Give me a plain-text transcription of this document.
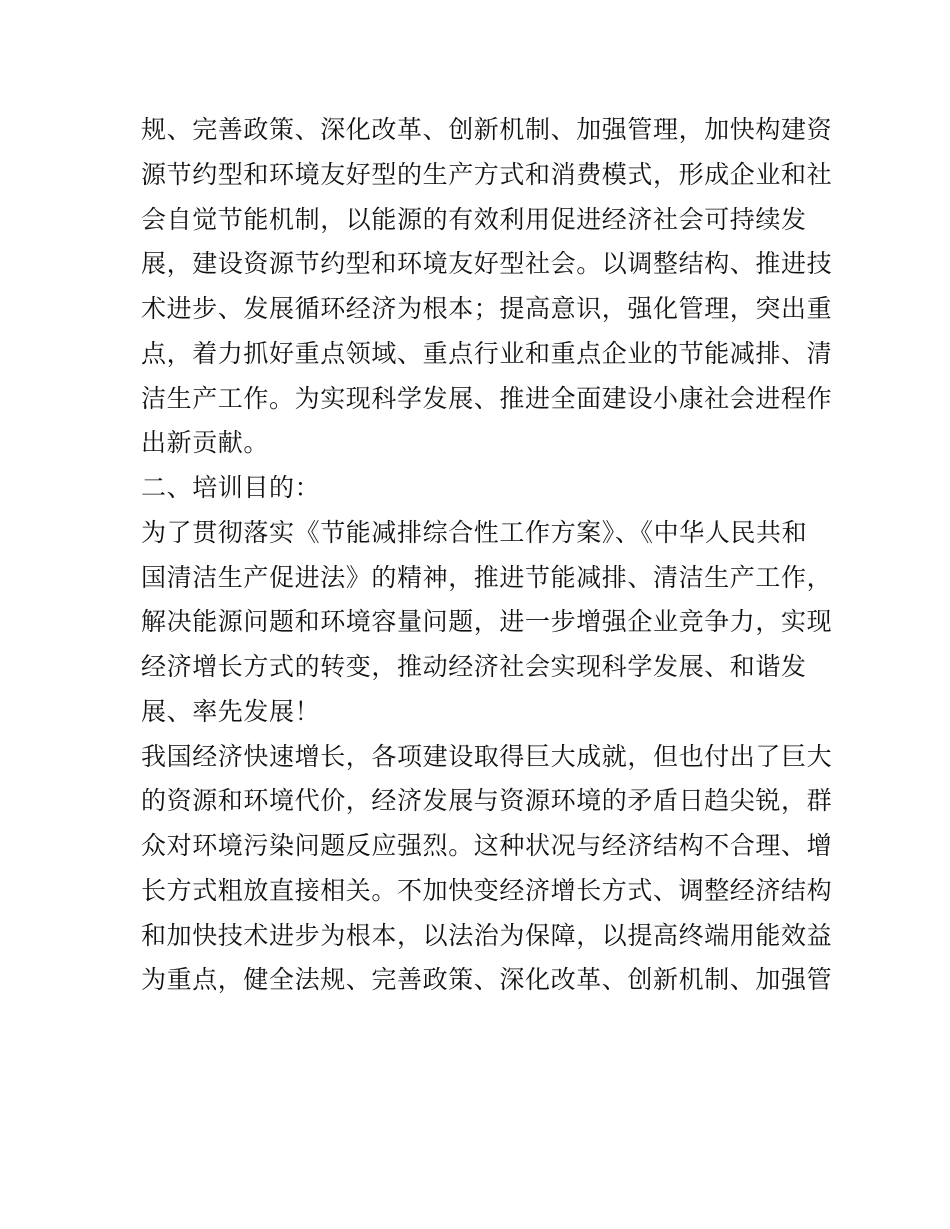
规、完善政策、深化改革、创新机制、加强管理，加快构建资
源节约型和环境友好型的生产方式和消费模式，形成企业和社
会自觉节能机制，以能源的有效利用促进经济社会可持续发
展，建设资源节约型和环境友好型社会。以调整结构、推进技
术进步、发展循环经济为根本；提高意识，强化管理，突出重
点，着力抓好重点领域、重点行业和重点企业的节能减排、清
洁生产工作。为实现科学发展、推进全面建设小康社会进程作
出新贡献。
二、培训目的：
为了贯彻落实《节能减排综合性工作方案》、《中华人民共和
国清洁生产促进法》的精神，推进节能减排、清洁生产工作，
解决能源问题和环境容量问题，进一步增强企业竞争力，实现
经济增长方式的转变，推动经济社会实现科学发展、和谐发
展、率先发展！
我国经济快速增长，各项建设取得巨大成就，但也付出了巨大
的资源和环境代价，经济发展与资源环境的矛盾日趋尖锐，群
众对环境污染问题反应强烈。这种状况与经济结构不合理、增
长方式粗放直接相关。不加快变经济增长方式、调整经济结构
和加快技术进步为根本，以法治为保障，以提高终端用能效益
为重点，健全法规、完善政策、深化改革、创新机制、加强管
